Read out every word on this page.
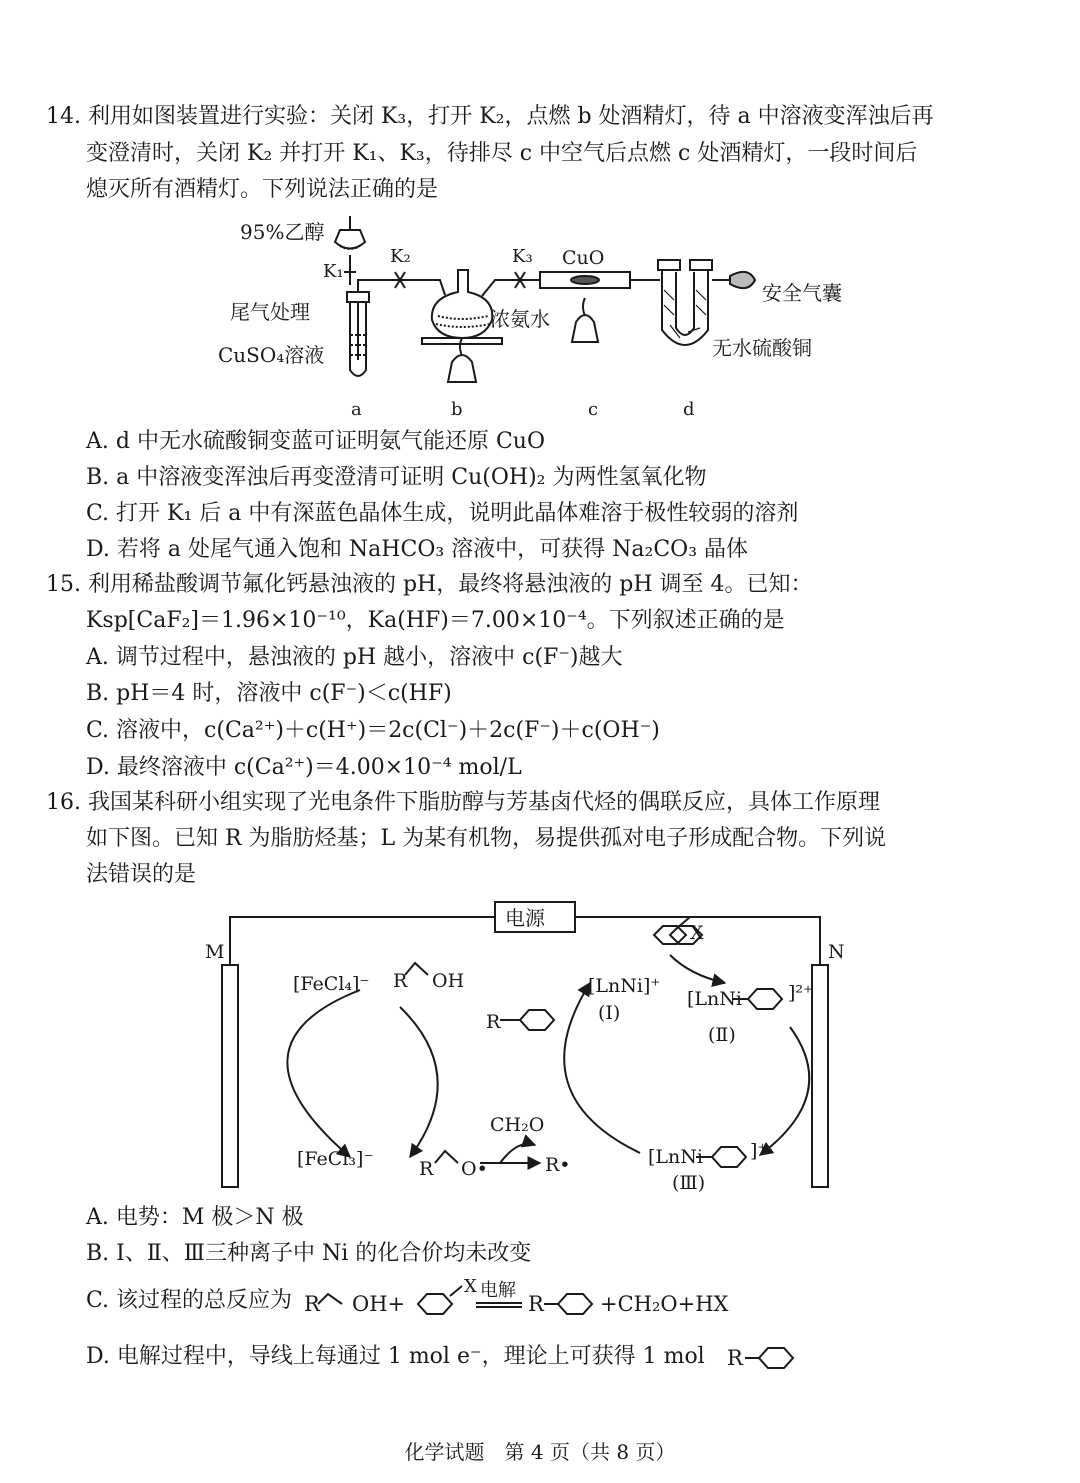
14. 利用如图装置进行实验：关闭 K₃，打开 K₂，点燃 b 处酒精灯，待 a 中溶液变浑浊后再
变澄清时，关闭 K₂ 并打开 K₁、K₃，待排尽 c 中空气后点燃 c 处酒精灯，一段时间后
熄灭所有酒精灯。下列说法正确的是
95%乙醇
K₁
K₂	K₃ CuO
尾气处理
CuSO₄溶液
浓氨水
安全气囊
无水硫酸铜
a	b	c	d
A. d 中无水硫酸铜变蓝可证明氨气能还原 CuO
B. a 中溶液变浑浊后再变澄清可证明 Cu(OH)₂ 为两性氢氧化物
C. 打开 K₁ 后 a 中有深蓝色晶体生成，说明此晶体难溶于极性较弱的溶剂
D. 若将 a 处尾气通入饱和 NaHCO₃ 溶液中，可获得 Na₂CO₃ 晶体
15. 利用稀盐酸调节氟化钙悬浊液的 pH，最终将悬浊液的 pH 调至 4。已知：
Ksp[CaF₂]＝1.96×10⁻¹⁰，Ka(HF)＝7.00×10⁻⁴。下列叙述正确的是
A. 调节过程中，悬浊液的 pH 越小，溶液中 c(F⁻)越大
B. pH＝4 时，溶液中 c(F⁻)＜c(HF)
C. 溶液中，c(Ca²⁺)＋c(H⁺)＝2c(Cl⁻)＋2c(F⁻)＋c(OH⁻)
D. 最终溶液中 c(Ca²⁺)＝4.00×10⁻⁴ mol/L
16. 我国某科研小组实现了光电条件下脂肪醇与芳基卤代烃的偶联反应，具体工作原理
如下图。已知 R 为脂肪烃基；L 为某有机物，易提供孤对电子形成配合物。下列说
法错误的是
电源
M	N
[FeCl₄]⁻ R OH
[FeCl₃]⁻ R O•
CH₂O
R•
R
X
[LnNi]⁺
(Ⅰ)
[LnNi ]²⁺
(Ⅱ)
[LnNi ]⁺
(Ⅲ)
A. 电势：M 极＞N 极
B. Ⅰ、Ⅱ、Ⅲ三种离子中 Ni 的化合价均未改变
C. 该过程的总反应为 R OH+
X 电解
R	+CH₂O+HX
D. 电解过程中，导线上每通过 1 mol e⁻，理论上可获得 1 mol R
化学试题　第 4 页（共 8 页）
